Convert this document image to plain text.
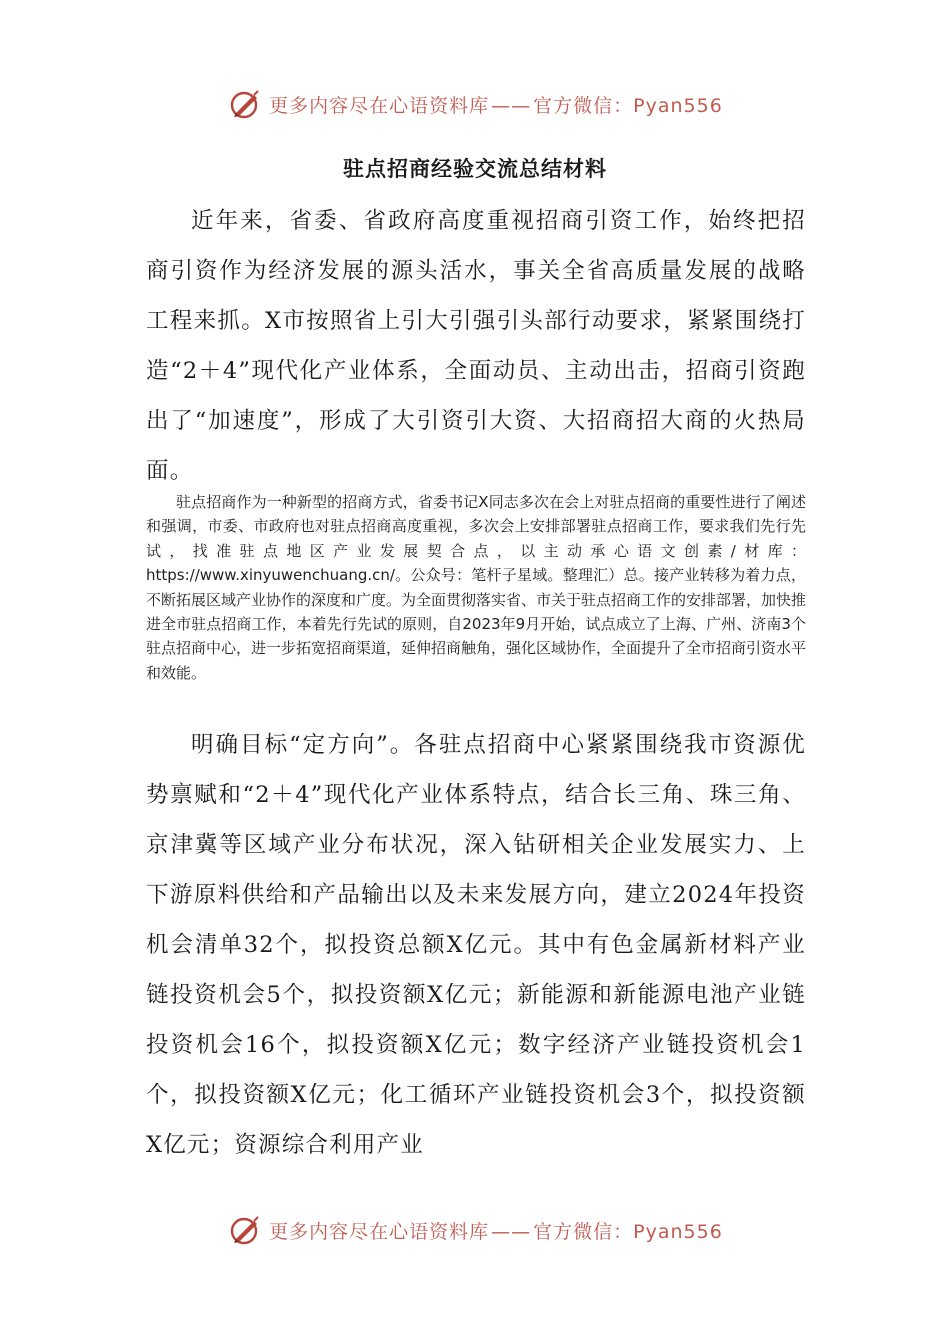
更多内容尽在心语资料库 —— 官方微信：Pyan556
驻点招商经验交流总结材料

近年来，省委、省政府高度重视招商引资工作，始终把招商引资作为经济发展的源头活水，事关全省高质量发展的战略工程来抓。X市按照省上引大引强引头部行动要求，紧紧围绕打造“2＋4”现代化产业体系，全面动员、主动出击，招商引资跑出了“加速度”，形成了大引资引大资、大招商招大商的火热局面。

驻点招商作为一种新型的招商方式，省委书记X同志多次在会上对驻点招商的重要性进行了阐述和强调，市委、市政府也对驻点招商高度重视，多次会上安排部署驻点招商工作，要求我们先行先试，找准驻点地区产业发展契合点，以主动承心语文创素/材库：https://www.xinyuwenchuang.cn/。公众号：笔杆子星域。整理汇）总。接产业转移为着力点，不断拓展区域产业协作的深度和广度。为全面贯彻落实省、市关于驻点招商工作的安排部署，加快推进全市驻点招商工作，本着先行先试的原则，自2023年9月开始，试点成立了上海、广州、济南3个驻点招商中心，进一步拓宽招商渠道，延伸招商触角，强化区域协作，全面提升了全市招商引资水平和效能。

明确目标“定方向”。各驻点招商中心紧紧围绕我市资源优势禀赋和“2＋4”现代化产业体系特点，结合长三角、珠三角、京津冀等区域产业分布状况，深入钻研相关企业发展实力、上下游原料供给和产品输出以及未来发展方向，建立2024年投资机会清单32个，拟投资总额X亿元。其中有色金属新材料产业链投资机会5个，拟投资额X亿元；新能源和新能源电池产业链投资机会16个，拟投资额X亿元；数字经济产业链投资机会1个，拟投资额X亿元；化工循环产业链投资机会3个，拟投资额X亿元；资源综合利用产业

更多内容尽在心语资料库 —— 官方微信：Pyan556
